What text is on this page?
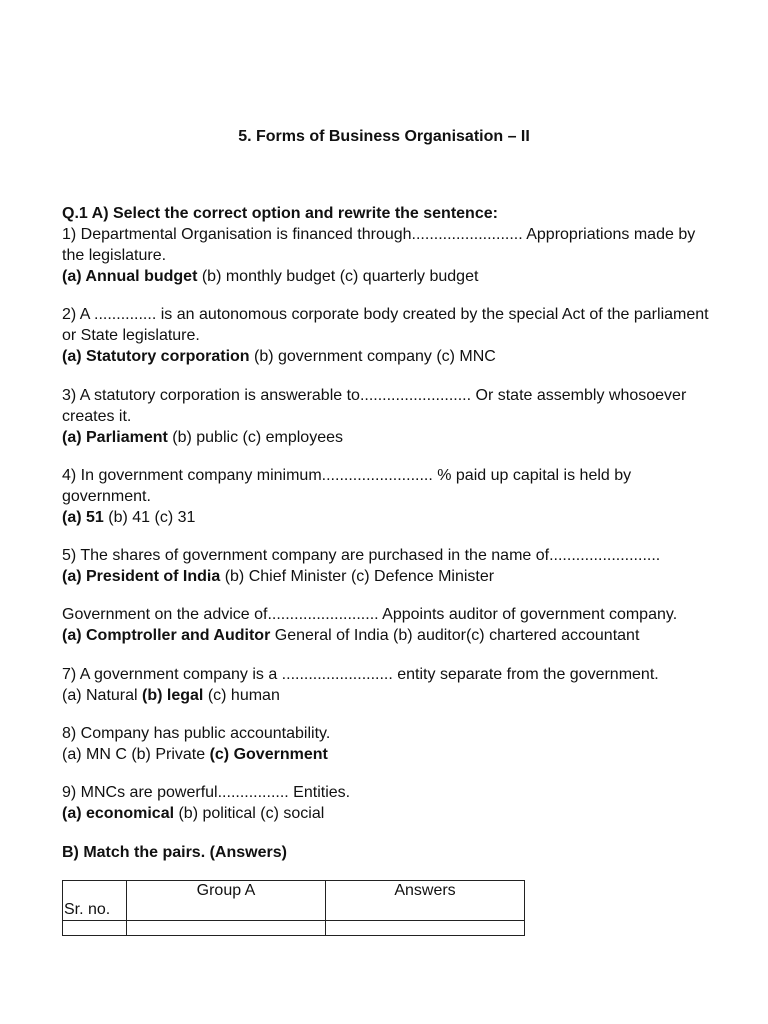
5. Forms of Business Organisation – II
Q.1 A) Select the correct option and rewrite the sentence:
1) Departmental Organisation is financed through......................... Appropriations made by the legislature.
(a) Annual budget (b) monthly budget (c) quarterly budget
2) A .............. is an autonomous corporate body created by the special Act of the parliament or State legislature.
(a) Statutory corporation (b) government company (c) MNC
3) A statutory corporation is answerable to......................... Or state assembly whosoever creates it.
(a) Parliament (b) public (c) employees
4) In government company minimum......................... % paid up capital is held by government.
(a) 51 (b) 41 (c) 31
5) The shares of government company are purchased in the name of.........................
(a) President of India (b) Chief Minister (c) Defence Minister
Government on the advice of......................... Appoints auditor of government company.
(a) Comptroller and Auditor General of India (b) auditor(c) chartered accountant
7) A government company is a ......................... entity separate from the government.
(a) Natural (b) legal (c) human
8) Company has public accountability.
(a) MN C (b) Private (c) Government
9) MNCs are powerful................ Entities.
(a) economical (b) political (c) social
B) Match the pairs. (Answers)
Sr. no.	Group A	Answers
